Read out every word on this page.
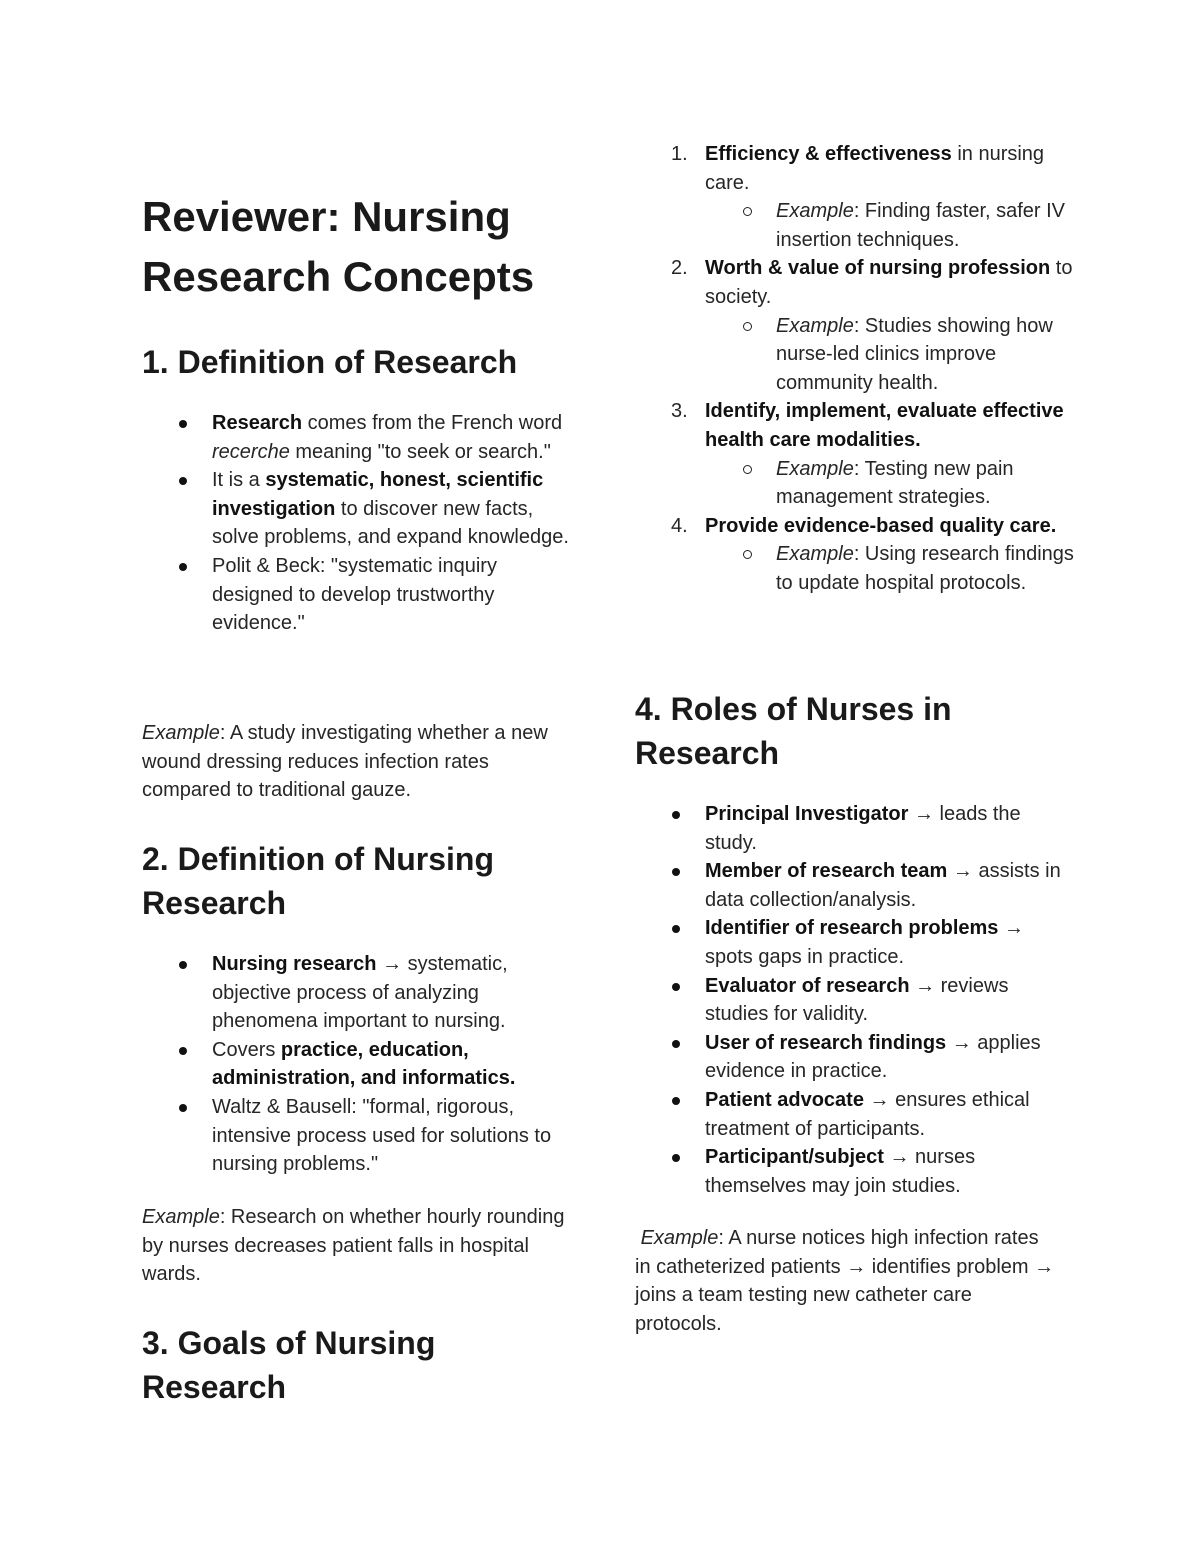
Reviewer: Nursing Research Concepts
1. Definition of Research
Research comes from the French word recerche meaning "to seek or search."
It is a systematic, honest, scientific investigation to discover new facts, solve problems, and expand knowledge.
Polit & Beck: "systematic inquiry designed to develop trustworthy evidence."

Example: A study investigating whether a new wound dressing reduces infection rates compared to traditional gauze.

2. Definition of Nursing Research
Nursing research → systematic, objective process of analyzing phenomena important to nursing.
Covers practice, education, administration, and informatics.
Waltz & Bausell: "formal, rigorous, intensive process used for solutions to nursing problems."

Example: Research on whether hourly rounding by nurses decreases patient falls in hospital wards.

3. Goals of Nursing Research
1. Efficiency & effectiveness in nursing care.
Example: Finding faster, safer IV insertion techniques.
2. Worth & value of nursing profession to society.
Example: Studies showing how nurse-led clinics improve community health.
3. Identify, implement, evaluate effective health care modalities.
Example: Testing new pain management strategies.
4. Provide evidence-based quality care.
Example: Using research findings to update hospital protocols.
4. Roles of Nurses in Research
Principal Investigator → leads the study.
Member of research team → assists in data collection/analysis.
Identifier of research problems → spots gaps in practice.
Evaluator of research → reviews studies for validity.
User of research findings → applies evidence in practice.
Patient advocate → ensures ethical treatment of participants.
Participant/subject → nurses themselves may join studies.

Example: A nurse notices high infection rates in catheterized patients → identifies problem → joins a team testing new catheter care protocols.
